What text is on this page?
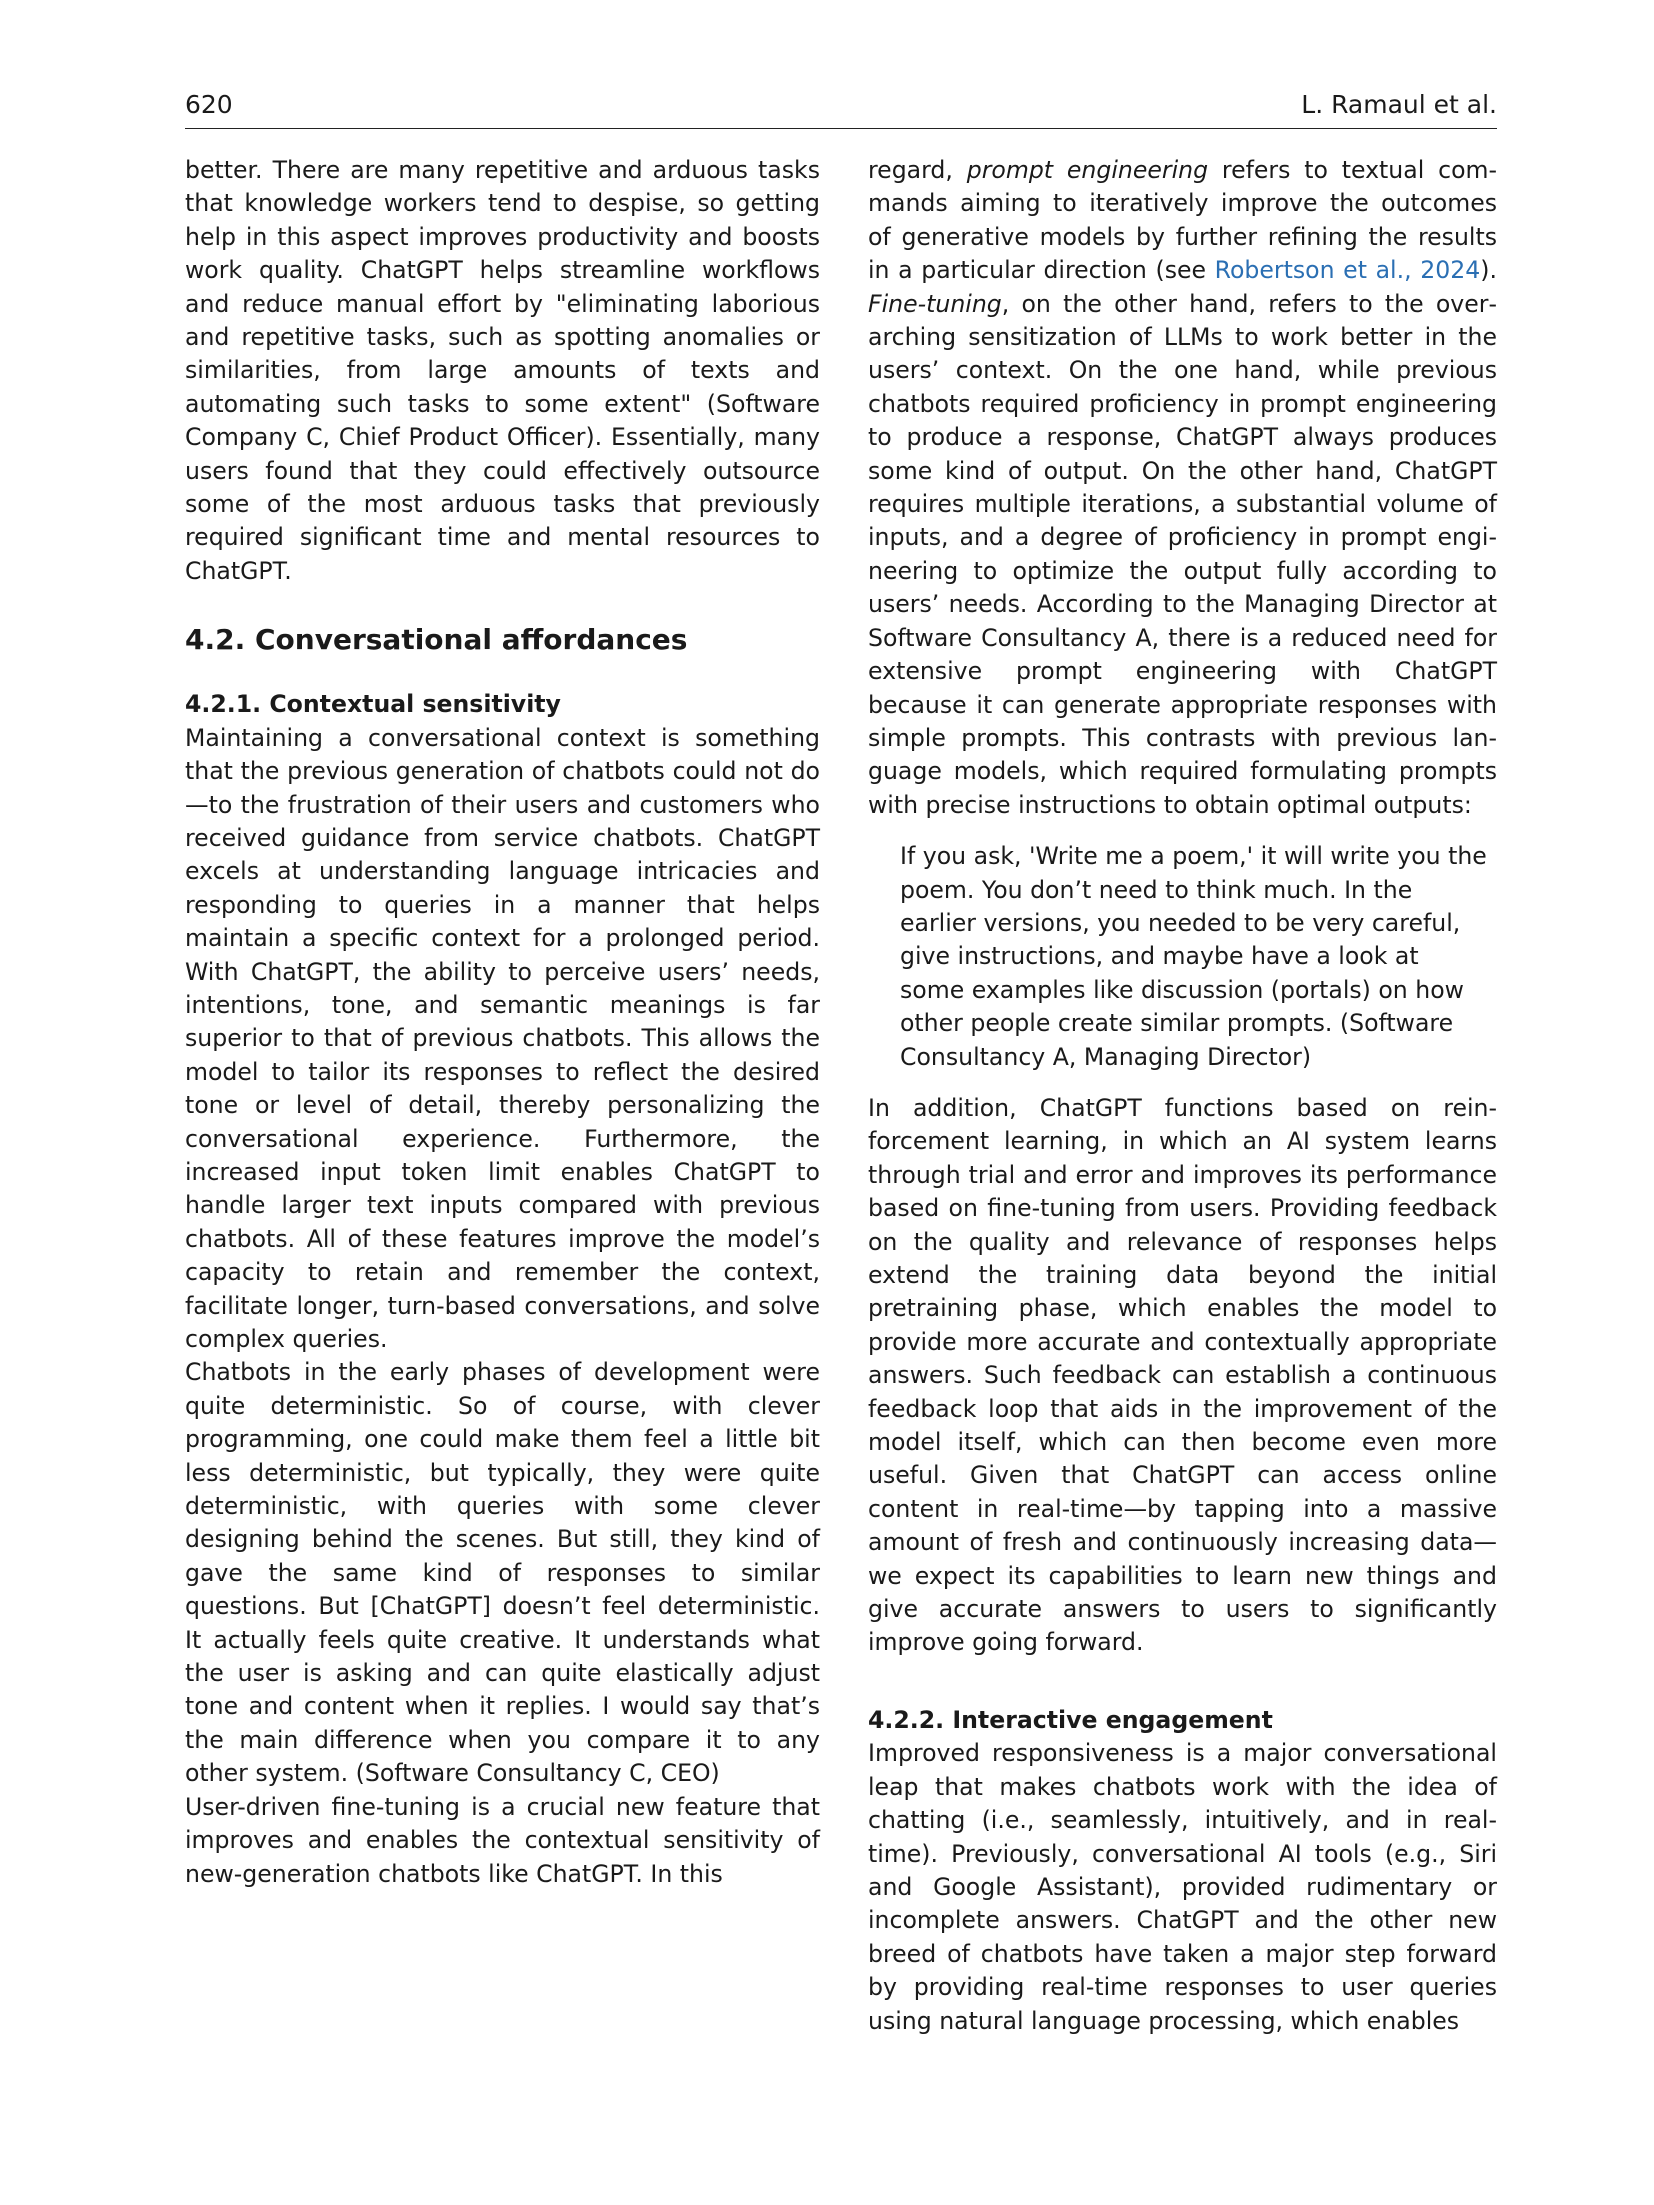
620	L. Ramaul et al.

better. There are many repetitive and arduous tasks that knowledge workers tend to despise, so getting help in this aspect improves productivity and boosts work quality. ChatGPT helps streamline workflows and reduce manual effort by "eliminating laborious and repetitive tasks, such as spotting anomalies or similarities, from large amounts of texts and automating such tasks to some extent" (Software Company C, Chief Product Officer). Essentially, many users found that they could effectively outsource some of the most arduous tasks that previously required significant time and mental resources to ChatGPT.

4.2. Conversational affordances
4.2.1. Contextual sensitivity

Maintaining a conversational context is something that the previous generation of chatbots could not do—to the frustration of their users and customers who received guidance from service chatbots. ChatGPT excels at understanding language intricacies and responding to queries in a manner that helps maintain a specific context for a prolonged period. With ChatGPT, the ability to perceive users’ needs, intentions, tone, and semantic meanings is far superior to that of previous chatbots. This allows the model to tailor its responses to reflect the desired tone or level of detail, thereby personalizing the conversational experience. Furthermore, the increased input token limit enables ChatGPT to handle larger text inputs compared with previous chatbots. All of these features improve the model’s capacity to retain and remember the context, facilitate longer, turn-based conversations, and solve complex queries.

Chatbots in the early phases of development were quite deterministic. So of course, with clever programming, one could make them feel a little bit less deterministic, but typically, they were quite deterministic, with queries with some clever designing behind the scenes. But still, they kind of gave the same kind of responses to similar questions. But [ChatGPT] doesn’t feel deterministic. It actually feels quite creative. It understands what the user is asking and can quite elastically adjust tone and content when it replies. I would say that’s the main difference when you compare it to any other system. (Software Consultancy C, CEO)

User-driven fine-tuning is a crucial new feature that improves and enables the contextual sensitivity of new-generation chatbots like ChatGPT. In this

regard, prompt engineering refers to textual commands aiming to iteratively improve the outcomes of generative models by further refining the results in a particular direction (see Robertson et al., 2024). Fine-tuning, on the other hand, refers to the overarching sensitization of LLMs to work better in the users’ context. On the one hand, while previous chatbots required proficiency in prompt engineering to produce a response, ChatGPT always produces some kind of output. On the other hand, ChatGPT requires multiple iterations, a substantial volume of inputs, and a degree of proficiency in prompt engineering to optimize the output fully according to users’ needs. According to the Managing Director at Software Consultancy A, there is a reduced need for extensive prompt engineering with ChatGPT because it can generate appropriate responses with simple prompts. This contrasts with previous language models, which required formulating prompts with precise instructions to obtain optimal outputs:

If you ask, 'Write me a poem,' it will write you the poem. You don’t need to think much. In the earlier versions, you needed to be very careful, give instructions, and maybe have a look at some examples like discussion (portals) on how other people create similar prompts. (Software Consultancy A, Managing Director)

In addition, ChatGPT functions based on reinforcement learning, in which an AI system learns through trial and error and improves its performance based on fine-tuning from users. Providing feedback on the quality and relevance of responses helps extend the training data beyond the initial pretraining phase, which enables the model to provide more accurate and contextually appropriate answers. Such feedback can establish a continuous feedback loop that aids in the improvement of the model itself, which can then become even more useful. Given that ChatGPT can access online content in real-time—by tapping into a massive amount of fresh and continuously increasing data—we expect its capabilities to learn new things and give accurate answers to users to significantly improve going forward.

4.2.2. Interactive engagement

Improved responsiveness is a major conversational leap that makes chatbots work with the idea of chatting (i.e., seamlessly, intuitively, and in real-time). Previously, conversational AI tools (e.g., Siri and Google Assistant), provided rudimentary or incomplete answers. ChatGPT and the other new breed of chatbots have taken a major step forward by providing real-time responses to user queries using natural language processing, which enables
